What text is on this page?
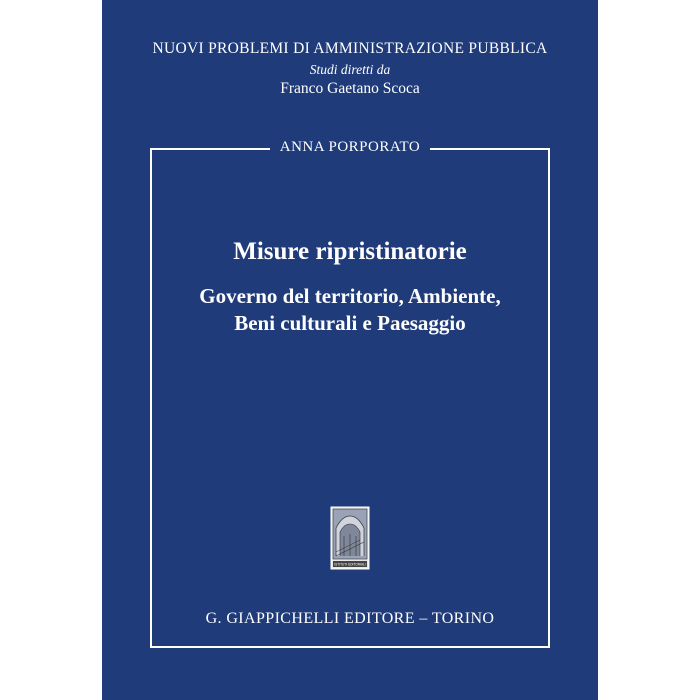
NUOVI PROBLEMI DI AMMINISTRAZIONE PUBBLICA
Studi diretti da
Franco Gaetano Scoca
ANNA PORPORATO
Misure ripristinatorie
Governo del territorio, Ambiente,
Beni culturali e Paesaggio
ISTITUTI EDITORIALI
G. GIAPPICHELLI EDITORE – TORINO
